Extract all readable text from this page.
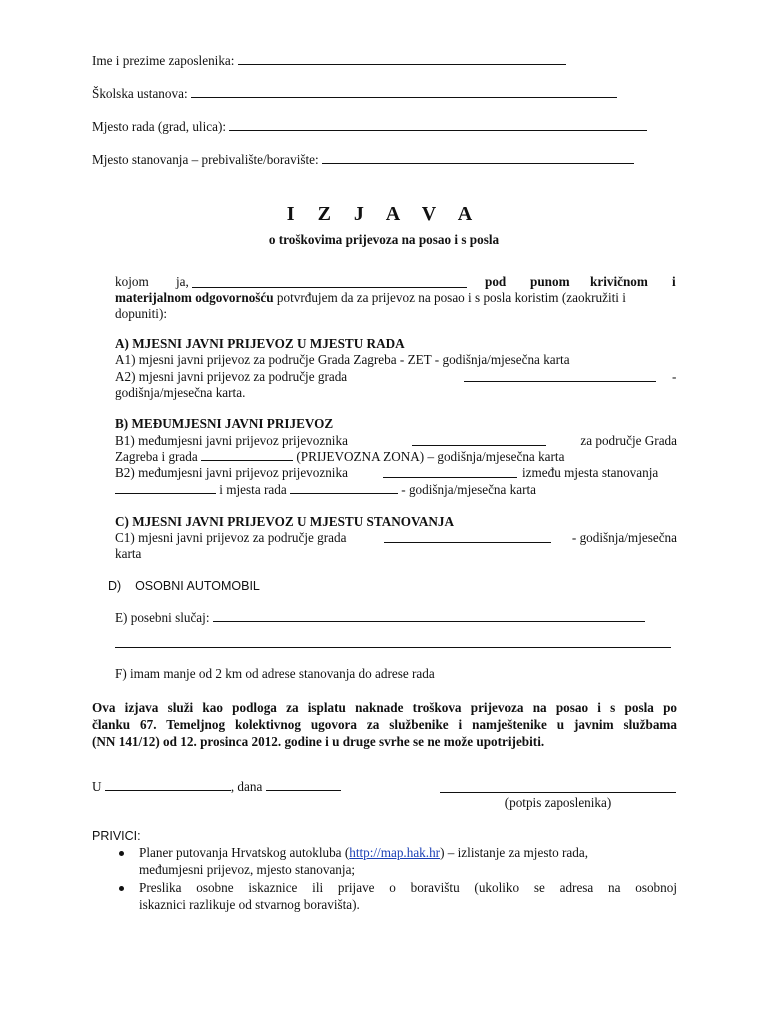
Ime i prezime zaposlenika:
Školska ustanova:
Mjesto rada (grad, ulica):
Mjesto stanovanja – prebivalište/boravište:
I Z J A V A
o troškovima prijevoza na posao i s posla
kojom ja,	pod punom krivičnom i
materijalnom odgovornošću potvrđujem da za prijevoz na posao i s posla koristim (zaokružiti i
dopuniti):
A) MJESNI JAVNI PRIJEVOZ U MJESTU RADA
A1) mjesni javni prijevoz za područje Grada Zagreba - ZET - godišnja/mjesečna karta
A2) mjesni javni prijevoz za područje grada	-
godišnja/mjesečna karta.
B) MEĐUMJESNI JAVNI PRIJEVOZ
B1) međumjesni javni prijevoz prijevoznika	za područje Grada
Zagreba i grada	(PRIJEVOZNA ZONA) – godišnja/mjesečna karta
B2) međumjesni javni prijevoz prijevoznika	između mjesta stanovanja
i mjesta rada	- godišnja/mjesečna karta
C) MJESNI JAVNI PRIJEVOZ U MJESTU STANOVANJA
C1) mjesni javni prijevoz za područje grada	- godišnja/mjesečna
karta
D)    OSOBNI AUTOMOBIL
E) posebni slučaj:
F) imam manje od 2 km od adrese stanovanja do adrese rada
Ova izjava služi kao podloga za isplatu naknade troškova prijevoza na posao i s posla po
članku 67. Temeljnog kolektivnog ugovora za službenike i namještenike u javnim službama
(NN 141/12) od 12. prosinca 2012. godine i u druge svrhe se ne može upotrijebiti.
U	, dana
(potpis zaposlenika)
PRIVICI:
Planer putovanja Hrvatskog autokluba (http://map.hak.hr) – izlistanje za mjesto rada,
međumjesni prijevoz, mjesto stanovanja;
Preslika osobne iskaznice ili prijave o boravištu (ukoliko se adresa na osobnoj
iskaznici razlikuje od stvarnog boravišta).
